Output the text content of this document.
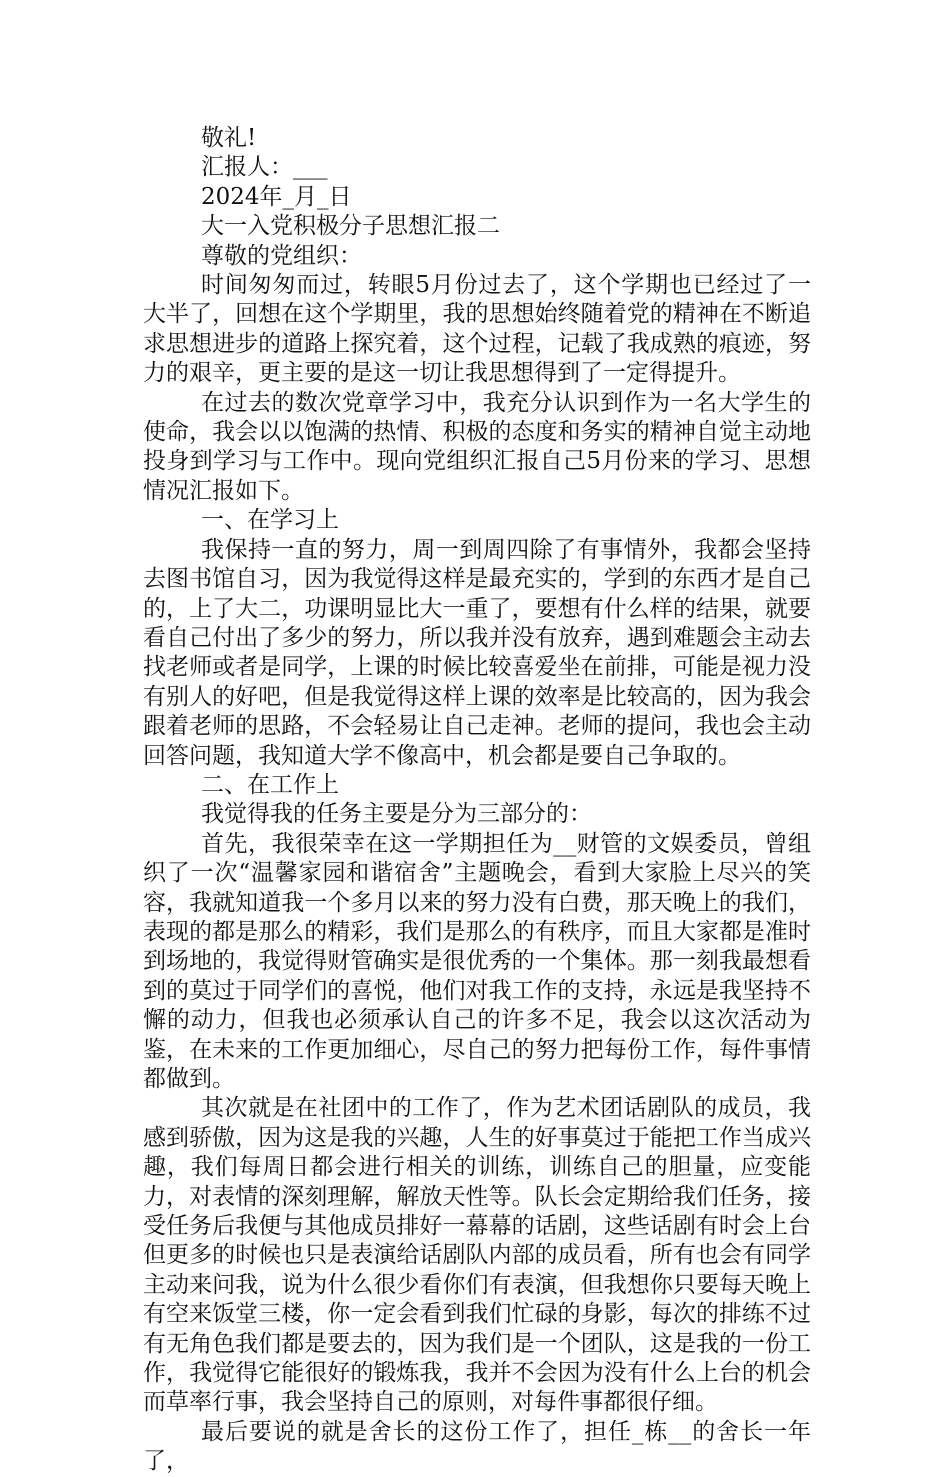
敬礼!
汇报人：___
2024年_月_日
大一入党积极分子思想汇报二
尊敬的党组织：

时间匆匆而过，转眼5月份过去了，这个学期也已经过了一大半了，回想在这个学期里，我的思想始终随着党的精神在不断追求思想进步的道路上探究着，这个过程，记载了我成熟的痕迹，努力的艰辛，更主要的是这一切让我思想得到了一定得提升。

在过去的数次党章学习中，我充分认识到作为一名大学生的使命，我会以以饱满的热情、积极的态度和务实的精神自觉主动地投身到学习与工作中。现向党组织汇报自己5月份来的学习、思想情况汇报如下。

一、在学习上

我保持一直的努力，周一到周四除了有事情外，我都会坚持去图书馆自习，因为我觉得这样是最充实的，学到的东西才是自己的，上了大二，功课明显比大一重了，要想有什么样的结果，就要看自己付出了多少的努力，所以我并没有放弃，遇到难题会主动去找老师或者是同学，上课的时候比较喜爱坐在前排，可能是视力没有别人的好吧，但是我觉得这样上课的效率是比较高的，因为我会跟着老师的思路，不会轻易让自己走神。老师的提问，我也会主动回答问题，我知道大学不像高中，机会都是要自己争取的。

二、在工作上

我觉得我的任务主要是分为三部分的：

首先，我很荣幸在这一学期担任为__财管的文娱委员，曾组织了一次“温馨家园和谐宿舍”主题晚会，看到大家脸上尽兴的笑容，我就知道我一个多月以来的努力没有白费，那天晚上的我们，表现的都是那么的精彩，我们是那么的有秩序，而且大家都是准时到场地的，我觉得财管确实是很优秀的一个集体。那一刻我最想看到的莫过于同学们的喜悦，他们对我工作的支持，永远是我坚持不懈的动力，但我也必须承认自己的许多不足，我会以这次活动为鉴，在未来的工作更加细心，尽自己的努力把每份工作，每件事情都做到。

其次就是在社团中的工作了，作为艺术团话剧队的成员，我感到骄傲，因为这是我的兴趣，人生的好事莫过于能把工作当成兴趣，我们每周日都会进行相关的训练，训练自己的胆量，应变能力，对表情的深刻理解，解放天性等。队长会定期给我们任务，接受任务后我便与其他成员排好一幕幕的话剧，这些话剧有时会上台但更多的时候也只是表演给话剧队内部的成员看，所有也会有同学主动来问我，说为什么很少看你们有表演，但我想你只要每天晚上有空来饭堂三楼，你一定会看到我们忙碌的身影，每次的排练不过有无角色我们都是要去的，因为我们是一个团队，这是我的一份工作，我觉得它能很好的锻炼我，我并不会因为没有什么上台的机会而草率行事，我会坚持自己的原则，对每件事都很仔细。

最后要说的就是舍长的这份工作了，担任_栋__的舍长一年了，
